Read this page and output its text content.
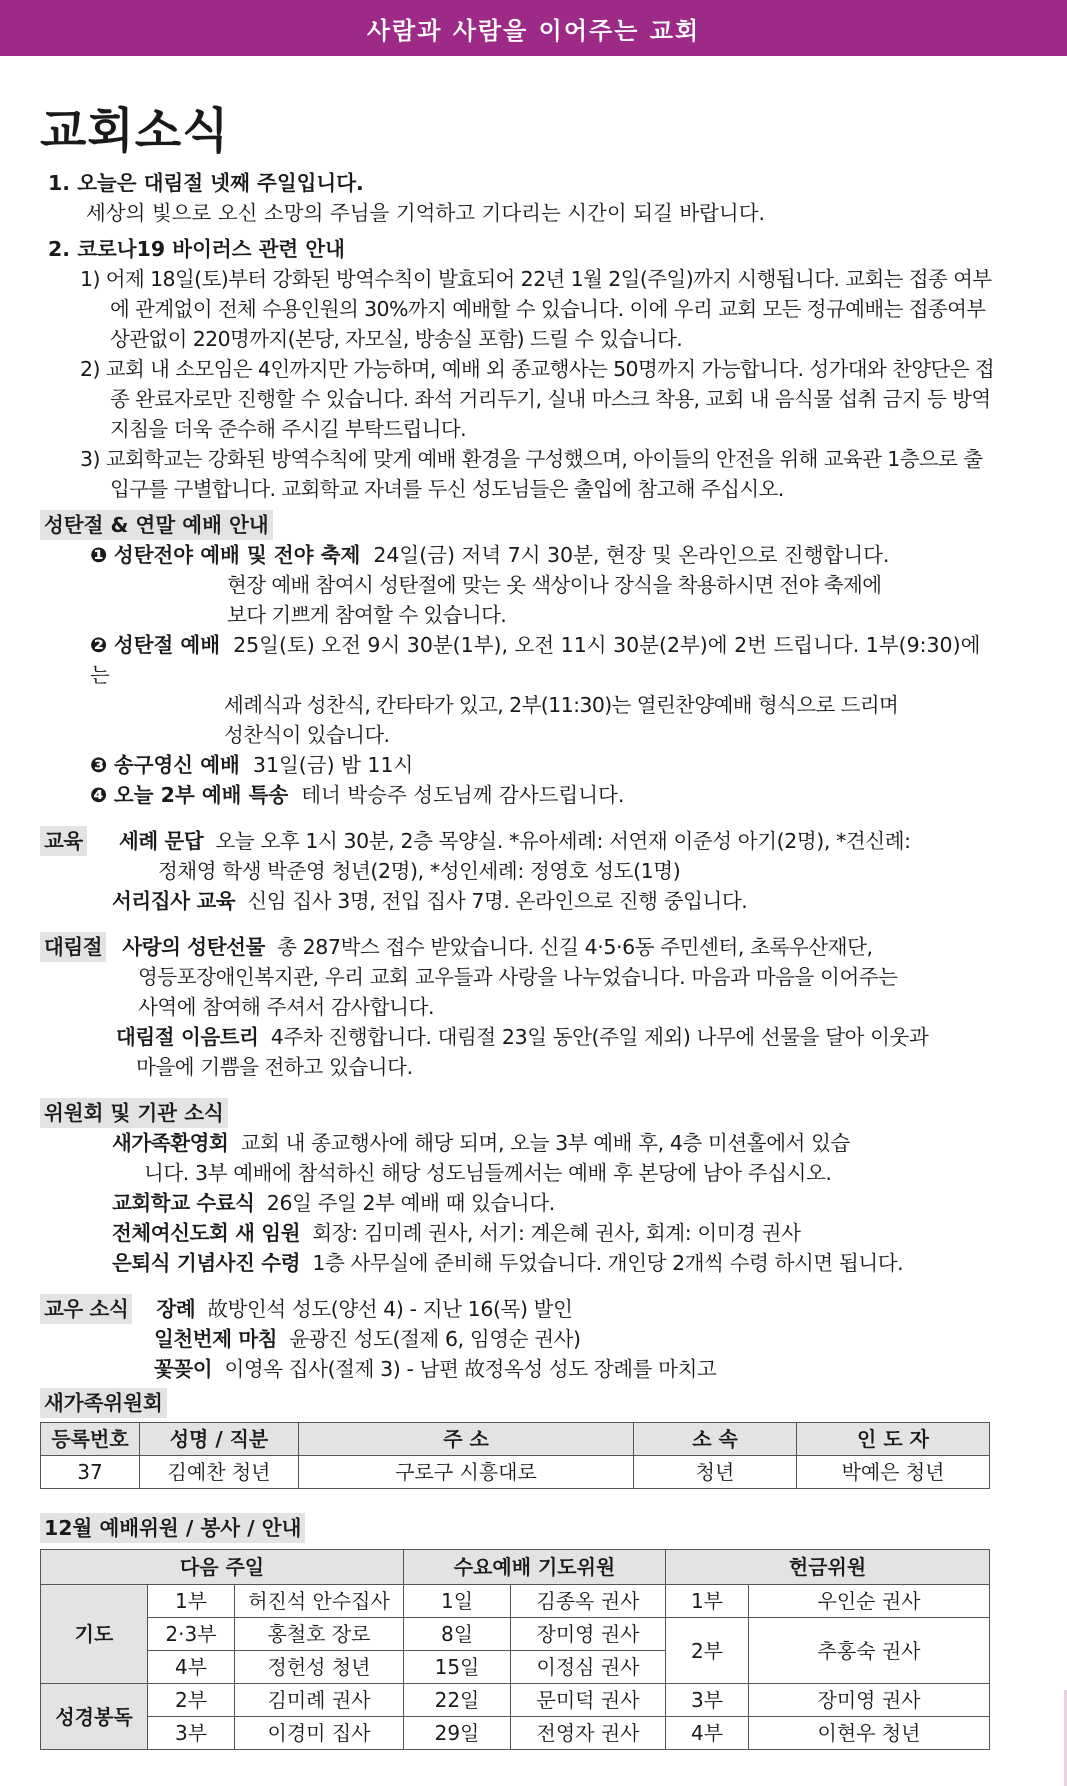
사람과 사람을 이어주는 교회
교회소식
1. 오늘은 대림절 넷째 주일입니다.
세상의 빛으로 오신 소망의 주님을 기억하고 기다리는 시간이 되길 바랍니다.
2. 코로나19 바이러스 관련 안내
1) 어제 18일(토)부터 강화된 방역수칙이 발효되어 22년 1월 2일(주일)까지 시행됩니다. 교회는 접종 여부에 관계없이 전체 수용인원의 30%까지 예배할 수 있습니다. 이에 우리 교회 모든 정규예배는 접종여부 상관없이 220명까지(본당, 자모실, 방송실 포함) 드릴 수 있습니다.
2) 교회 내 소모임은 4인까지만 가능하며, 예배 외 종교행사는 50명까지 가능합니다. 성가대와 찬양단은 접종 완료자로만 진행할 수 있습니다. 좌석 거리두기, 실내 마스크 착용, 교회 내 음식물 섭취 금지 등 방역지침을 더욱 준수해 주시길 부탁드립니다.
3) 교회학교는 강화된 방역수칙에 맞게 예배 환경을 구성했으며, 아이들의 안전을 위해 교육관 1층으로 출입구를 구별합니다. 교회학교 자녀를 두신 성도님들은 출입에 참고해 주십시오.
성탄절 & 연말 예배 안내
❶ 성탄전야 예배 및 전야 축제 24일(금) 저녁 7시 30분, 현장 및 온라인으로 진행합니다.
현장 예배 참여시 성탄절에 맞는 옷 색상이나 장식을 착용하시면 전야 축제에
보다 기쁘게 참여할 수 있습니다.
❷ 성탄절 예배 25일(토) 오전 9시 30분(1부), 오전 11시 30분(2부)에 2번 드립니다. 1부(9:30)에는
세례식과 성찬식, 칸타타가 있고, 2부(11:30)는 열린찬양예배 형식으로 드리며
성찬식이 있습니다.
❸ 송구영신 예배 31일(금) 밤 11시
❹ 오늘 2부 예배 특송 테너 박승주 성도님께 감사드립니다.
교육 세례 문답 오늘 오후 1시 30분, 2층 목양실. *유아세례: 서연재 이준성 아기(2명), *견신례:
정채영 학생 박준영 청년(2명), *성인세례: 정영호 성도(1명)
서리집사 교육 신임 집사 3명, 전입 집사 7명. 온라인으로 진행 중입니다.
대림절 사랑의 성탄선물 총 287박스 접수 받았습니다. 신길 4·5·6동 주민센터, 초록우산재단,
영등포장애인복지관, 우리 교회 교우들과 사랑을 나누었습니다. 마음과 마음을 이어주는
사역에 참여해 주셔서 감사합니다.
대림절 이음트리 4주차 진행합니다. 대림절 23일 동안(주일 제외) 나무에 선물을 달아 이웃과
마을에 기쁨을 전하고 있습니다.
위원회 및 기관 소식
새가족환영회 교회 내 종교행사에 해당 되며, 오늘 3부 예배 후, 4층 미션홀에서 있습
니다. 3부 예배에 참석하신 해당 성도님들께서는 예배 후 본당에 남아 주십시오.
교회학교 수료식 26일 주일 2부 예배 때 있습니다.
전체여신도회 새 임원 회장: 김미례 권사, 서기: 계은혜 권사, 회계: 이미경 권사
은퇴식 기념사진 수령 1층 사무실에 준비해 두었습니다. 개인당 2개씩 수령 하시면 됩니다.
교우 소식 장례 故방인석 성도(양선 4) - 지난 16(목) 발인
일천번제 마침 윤광진 성도(절제 6, 임영순 권사)
꽃꽂이 이영옥 집사(절제 3) - 남편 故정옥성 성도 장례를 마치고
새가족위원회
등록번호	성명 / 직분	주 소	소 속	인 도 자
37	김예찬 청년	구로구 시흥대로	청년	박예은 청년
12월 예배위원 / 봉사 / 안내
다음 주일			수요예배 기도위원		헌금위원	
기도	1부	허진석 안수집사	1일	김종옥 권사	1부	우인순 권사
	2·3부	홍철호 장로	8일	장미영 권사	2부	추홍숙 권사
	4부	정헌성 청년	15일	이정심 권사		
성경봉독	2부	김미례 권사	22일	문미덕 권사	3부	장미영 권사
	3부	이경미 집사	29일	전영자 권사	4부	이현우 청년
